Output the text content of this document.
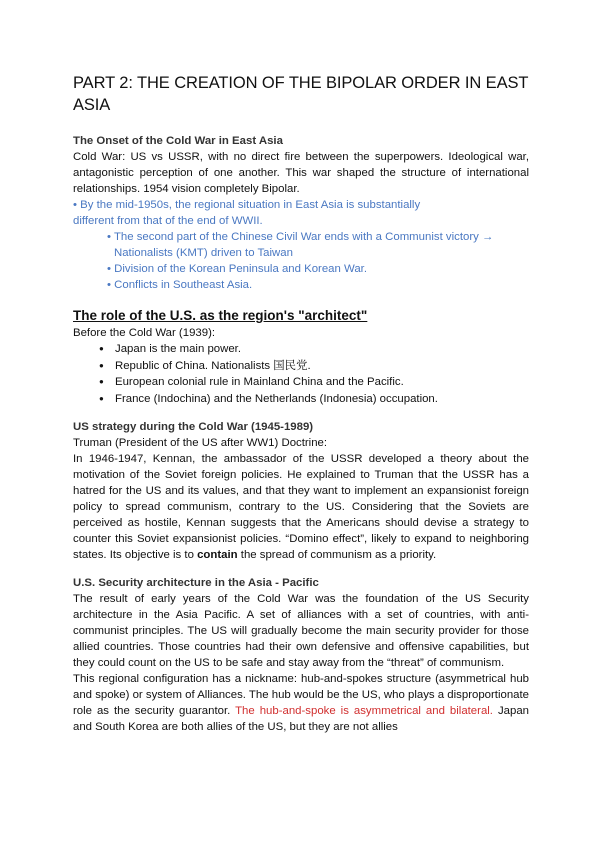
PART 2: THE CREATION OF THE BIPOLAR ORDER IN EAST ASIA

The Onset of the Cold War in East Asia

Cold War: US vs USSR, with no direct fire between the superpowers. Ideological war, antagonistic perception of one another. This war shaped the structure of international relationships. 1954 vision completely Bipolar.

• By the mid-1950s, the regional situation in East Asia is substantially

different from that of the end of WWII.

• The second part of the Chinese Civil War ends with a Communist victory → Nationalists (KMT) driven to Taiwan

• Division of the Korean Peninsula and Korean War.

• Conflicts in Southeast Asia.

The role of the U.S. as the region's "architect"

Before the Cold War (1939):

● Japan is the main power.
● Republic of China. Nationalists 国民党.
● European colonial rule in Mainland China and the Pacific.
● France (Indochina) and the Netherlands (Indonesia) occupation.

US strategy during the Cold War (1945-1989)

Truman (President of the US after WW1) Doctrine:

In 1946-1947, Kennan, the ambassador of the USSR developed a theory about the motivation of the Soviet foreign policies. He explained to Truman that the USSR has a hatred for the US and its values, and that they want to implement an expansionist foreign policy to spread communism, contrary to the US. Considering that the Soviets are perceived as hostile, Kennan suggests that the Americans should devise a strategy to counter this Soviet expansionist policies. “Domino effect”, likely to expand to neighboring states. Its objective is to contain the spread of communism as a priority.

U.S. Security architecture in the Asia - Pacific

The result of early years of the Cold War was the foundation of the US Security architecture in the Asia Pacific. A set of alliances with a set of countries, with anti-communist principles. The US will gradually become the main security provider for those allied countries. Those countries had their own defensive and offensive capabilities, but they could count on the US to be safe and stay away from the “threat” of communism.

This regional configuration has a nickname: hub-and-spokes structure (asymmetrical hub and spoke) or system of Alliances. The hub would be the US, who plays a disproportionate role as the security guarantor. The hub-and-spoke is asymmetrical and bilateral. Japan and South Korea are both allies of the US, but they are not allies
